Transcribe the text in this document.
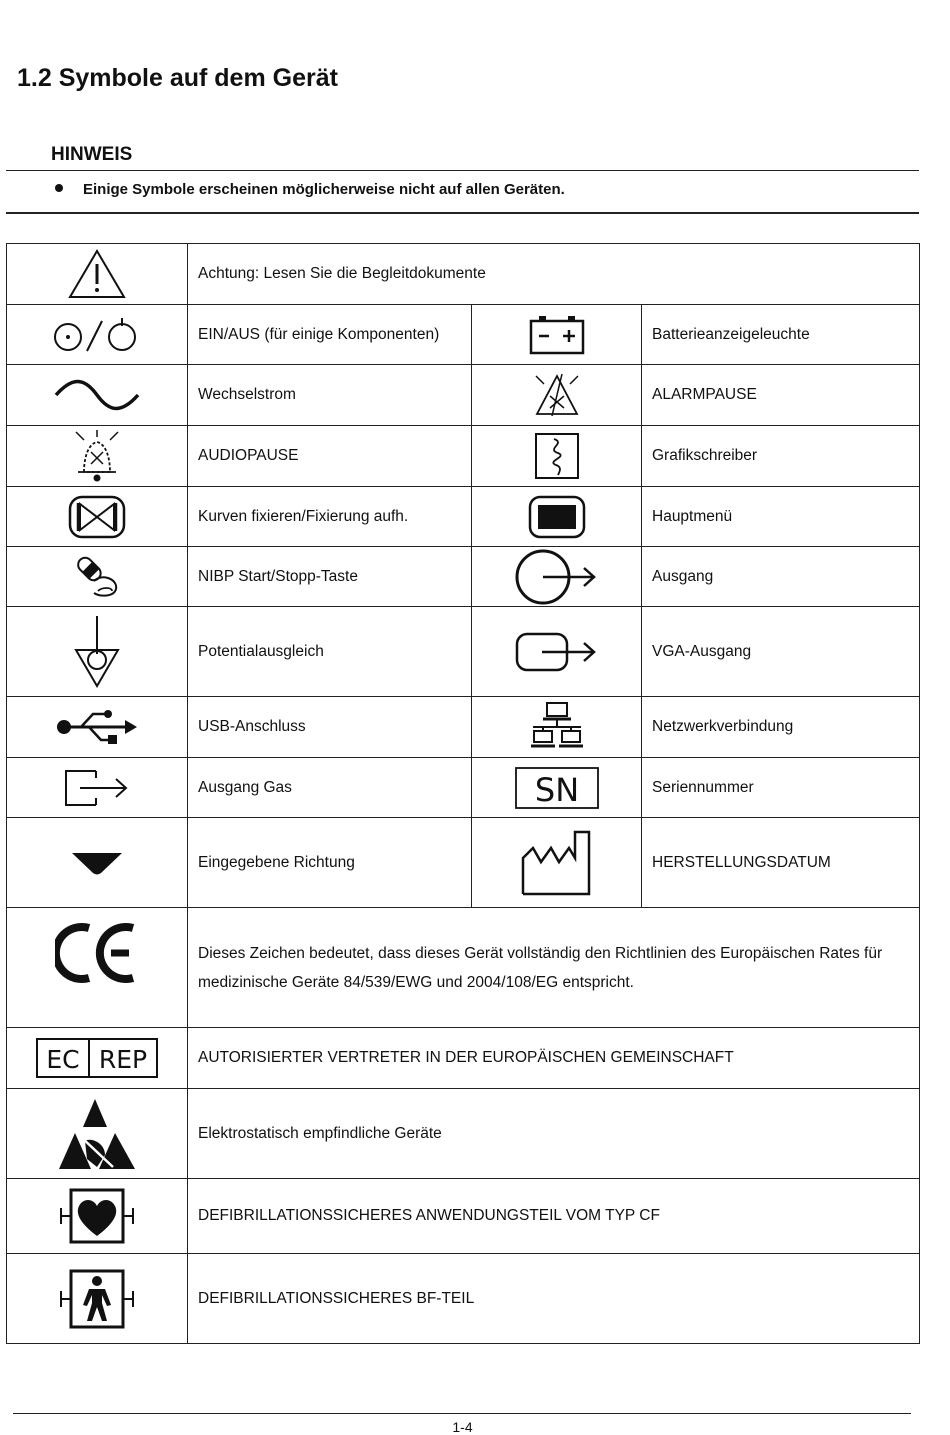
1.2 Symbole auf dem Gerät
HINWEIS
Einige Symbole erscheinen möglicherweise nicht auf allen Geräten.
	Achtung: Lesen Sie die Begleitdokumente		

	EIN/AUS (für einige Komponenten)		Batterieanzeigeleuchte

	Wechselstrom		ALARMPAUSE

	AUDIOPAUSE		Grafikschreiber

	Kurven fixieren/Fixierung aufh.		Hauptmenü

	NIBP Start/Stopp-Taste		Ausgang

	Potentialausgleich		VGA-Ausgang

	USB-Anschluss		Netzwerkverbindung

	Ausgang Gas	SN	Seriennummer

	Eingegebene Richtung		HERSTELLUNGSDATUM

	Dieses Zeichen bedeutet, dass dieses Gerät vollständig den Richtlinien des Europäischen Rates für medizinische Geräte 84/539/EWG und 2004/108/EG entspricht.		

EC REP	AUTORISIERTER VERTRETER IN DER EUROPÄISCHEN GEMEINSCHAFT		

	Elektrostatisch empfindliche Geräte		

	DEFIBRILLATIONSSICHERES ANWENDUNGSTEIL VOM TYP CF		

	DEFIBRILLATIONSSICHERES BF-TEIL		
1-4
